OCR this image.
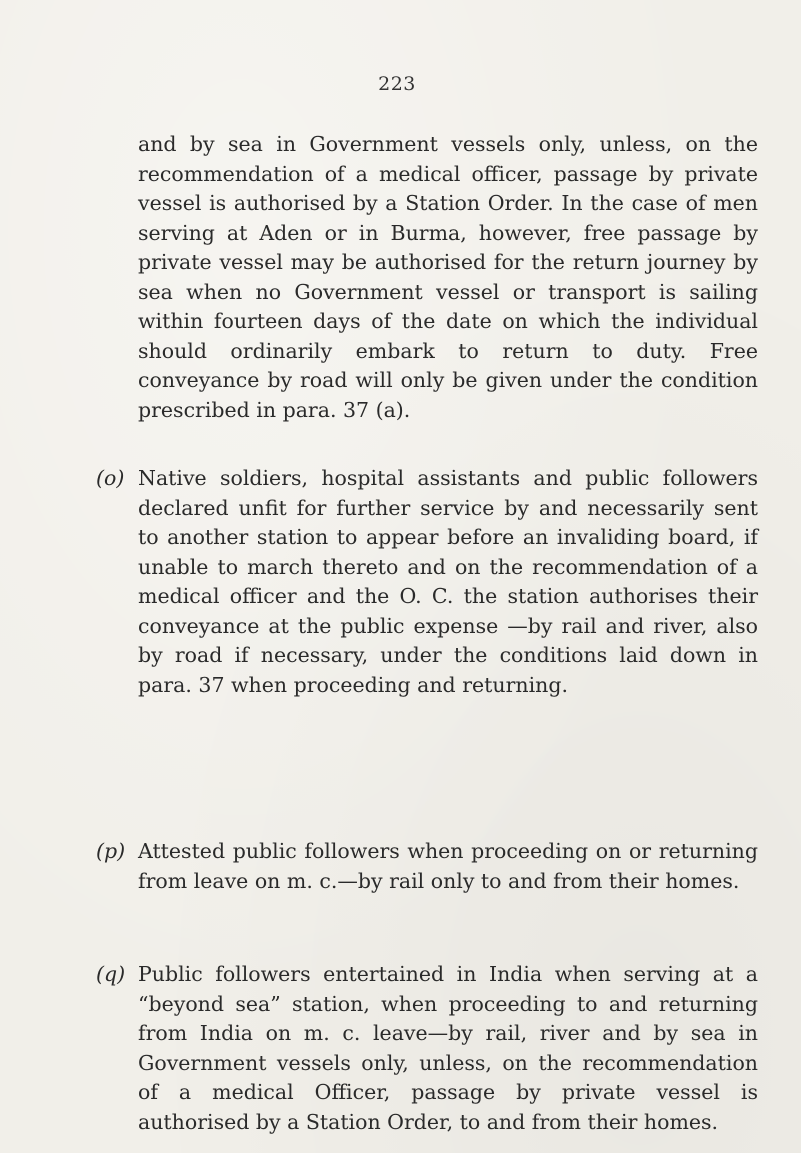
223

and by sea in Government vessels only, unless, on the recommendation of a medical officer, passage by private vessel is authorised by a Station Order. In the case of men serving at Aden or in Burma, however, free passage by private vessel may be authorised for the return journey by sea when no Government vessel or transport is sailing within fourteen days of the date on which the individual should ordinarily embark to return to duty. Free conveyance by road will only be given under the condition prescribed in para. 37 (a).

(o) Native soldiers, hospital assistants and public followers declared unfit for further service by and necessarily sent to another station to appear before an invaliding board, if unable to march thereto and on the recommendation of a medical officer and the O. C. the station authorises their conveyance at the public expense —by rail and river, also by road if necessary, under the conditions laid down in para. 37 when proceeding and returning.

(p) Attested public followers when proceeding on or returning from leave on m. c.—by rail only to and from their homes.

(q) Public followers entertained in India when serving at a “beyond sea” station, when proceeding to and returning from India on m. c. leave—by rail, river and by sea in Government vessels only, unless, on the recommendation of a medical Officer, passage by private vessel is authorised by a Station Order, to and from their homes.
